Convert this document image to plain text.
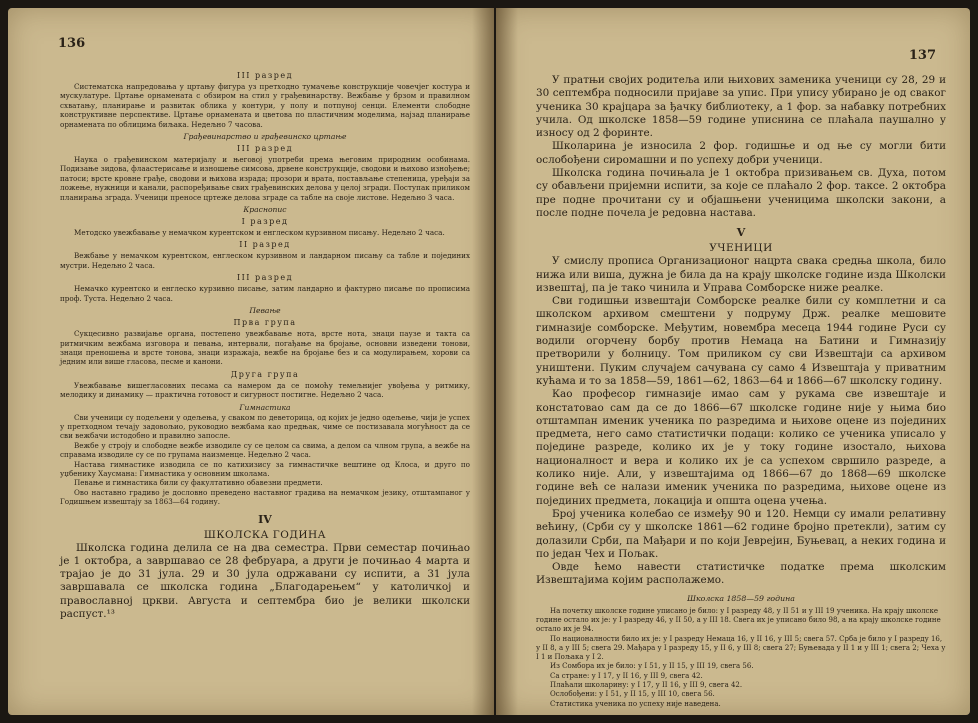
136
III разред
Систематска напредовања у цртању фигура уз претходно тумачење конструкције човечјег костура и мускулатуре. Цртање орнамената с обзиром на стил у грађевинарству. Вежбање у брзом и правилном схватању, планирање и развитак облика у контури, у полу и потпуној сенци. Елементи слободне конструктивне перспективе. Цртање орнамената и цветова по пластичним моделима, најзад планирање орнамената по облицима биљака. Недељно 7 часова.
Грађевинарство и грађевинско цртање
III разред
Наука о грађевинском материјалу и његовој употреби према његовим природним особинама. Подизање зидова, флаастерисање и изношење симсова, дрвене конструкције, сводови и њихово изнођење; патоси; врсте кровне грађе, сводови и њихова израда; прозори и врата, постављање степеница, уређаји за ложење, нужници и канали, распоређивање свих грађевинских делова у целој згради. Поступак приликом планирања зграда. Ученици преносе цртеже делова зграде са табле на своје листове. Недељно 3 часа.
Краснопис
I разред
Методско увежбавање у немачком курентском и енглеском курзивном писању. Недељно 2 часа.
II разред
Вежбање у немачком курентском, енглеском курзивном и ландарном писању са табле и појединих мустри. Недељно 2 часа.
III разред
Немачко курентско и енглеско курзивно писање, затим ландарно и фактурно писање по прописима проф. Туста. Недељно 2 часа.
Певање
Прва група
Сукцесивно развијање органа, постепено увежбавање нота, врсте нота, знаци паузе и такта са ритмичким вежбама изговора и певања, интервали, погађање на бројање, основни изведени тонови, знаци преношења и врсте тонова, знаци изражаја, вежбе на бројање без и са модулирањем, хорови са једним или више гласова, песме и канони.
Друга група
Увежбавање вишегласовних песама са намером да се помоћу темељнијег увођења у ритмику, мелодику и динамику — практична готовост и сигурност постигне. Недељно 2 часа.
Гимнастика
Сви ученици су подељени у одељења, у сваком по деветорица, од којих је једно одељење, чији је успех у претходном течају задовољио, руководио вежбама као предњак, чиме се постизавала могућност да се сви вежбачи истодобно и правилно запосле.
Вежбе у строју и слободне вежбе изводиле су се целом са свима, а делом са члном група, а вежбе на справама изводиле су се по групама наизменце. Недељно 2 часа.
Настава гимнастике изводила се по катихизису за гимнастичке вештине од Клоса, и друго по уџбенику Хаусмана: Гимнастика у основним школама.
Певање и гимнастика били су факултативно обавезни предмети.
Ово наставно градиво је дословно преведено наставног градива на немачком језику, отштампаног у Годишњем извештају за 1863—64 годину.
IV
ШКОЛСКА ГОДИНА
Школска година делила се на два семестра. Први семестар почињао је 1 октобра, а завршавао се 28 фебруара, а други је почињао 4 марта и трајао је до 31 јула. 29 и 30 јула одржавани су испити, а 31 јула завршавала се школска година „Благодарењем“ у католичкој и православној цркви. Августа и септембра био је велики школски распуст.¹³
137
У пратњи својих родитеља или њихових заменика ученици су 28, 29 и 30 септембра подносили пријаве за упис. При упису убирано је од сваког ученика 30 крајцара за ђачку библиотеку, а 1 фор. за набавку потребних учила. Од школске 1858—59 године уписнина се плаћала паушално у износу од 2 форинте.
Школарина је износила 2 фор. годишње и од ње су могли бити ослобођени сиромашни и по успеху добри ученици.
Школска година почињала је 1 октобра призивањем св. Духа, потом су обављени пријемни испити, за које се плаћало 2 фор. таксе. 2 октобра пре подне прочитани су и објашњени ученицима школски закони, а после подне почела је редовна настава.
V
УЧЕНИЦИ
У смислу прописа Организационог нацрта свака средња школа, било нижа или виша, дужна је била да на крају школске године изда Школски извештај, па је тако чинила и Управа Сомборске ниже реалке.
Сви годишњи извештаји Сомборске реалке били су комплетни и са школском архивом смештени у подруму Држ. реалке мешовите гимназије сомборске. Међутим, новембра месеца 1944 године Руси су водили огорчену борбу против Немаца на Батини и Гимназију претворили у болницу. Том приликом су сви Извештаји са архивом уништени. Пуким случајем сачувана су само 4 Извештаја у приватним кућама и то за 1858—59, 1861—62, 1863—64 и 1866—67 школску годину.
Као професор гимназије имао сам у рукама све извештаје и констатовао сам да се до 1866—67 школске године није у њима био отштампан именик ученика по разредима и њихове оцене из појединих предмета, него само статистички подаци: колико се ученика уписало у поједине разреде, колико их је у току године изостало, њихова националност и вера и колико их је са успехом свршило разреде, а колико није. Али, у извештајима од 1866—67 до 1868—69 школске године већ се налази именик ученика по разредима, њихове оцене из појединих предмета, локација и општа оцена учења.
Број ученика колебао се између 90 и 120. Немци су имали релативну већину, (Срби су у школске 1861—62 године бројно претекли), затим су долазили Срби, па Мађари и по који Јеврејин, Буњевац, а неких година и по један Чех и Пољак.
Овде ћемо навести статистичке податке према школским Извештајима којим располажемо.
Школска 1858—59 година

На почетку школске године уписано је било: у I разреду 48, у II 51 и у III 19 ученика. На крају школске године остало их је: у I разреду 46, у II 50, а у III 18. Свега их је уписано било 98, а на крају школске године остало их је 94.

По националности било их је: у I разреду Немаца 16, у II 16, у III 5; свега 57. Срба је било у I разреду 16, у II 8, а у III 5; свега 29. Мађара у I разреду 15, у II 6, у III 8; свега 27; Буњевада у II 1 и у III 1; свега 2; Чеха у I 1 и Пољака у I 2.

Из Сомбора их је било: у I 51, у II 15, у III 19, свега 56.

Са стране: у I 17, у II 16, у III 9, свега 42.

Плаћали школарину: у I 17, у II 16, у III 9, свега 42.

Ослобођени: у I 51, у II 15, у III 10, свега 56.

Статистика ученика по успеху није наведена.
